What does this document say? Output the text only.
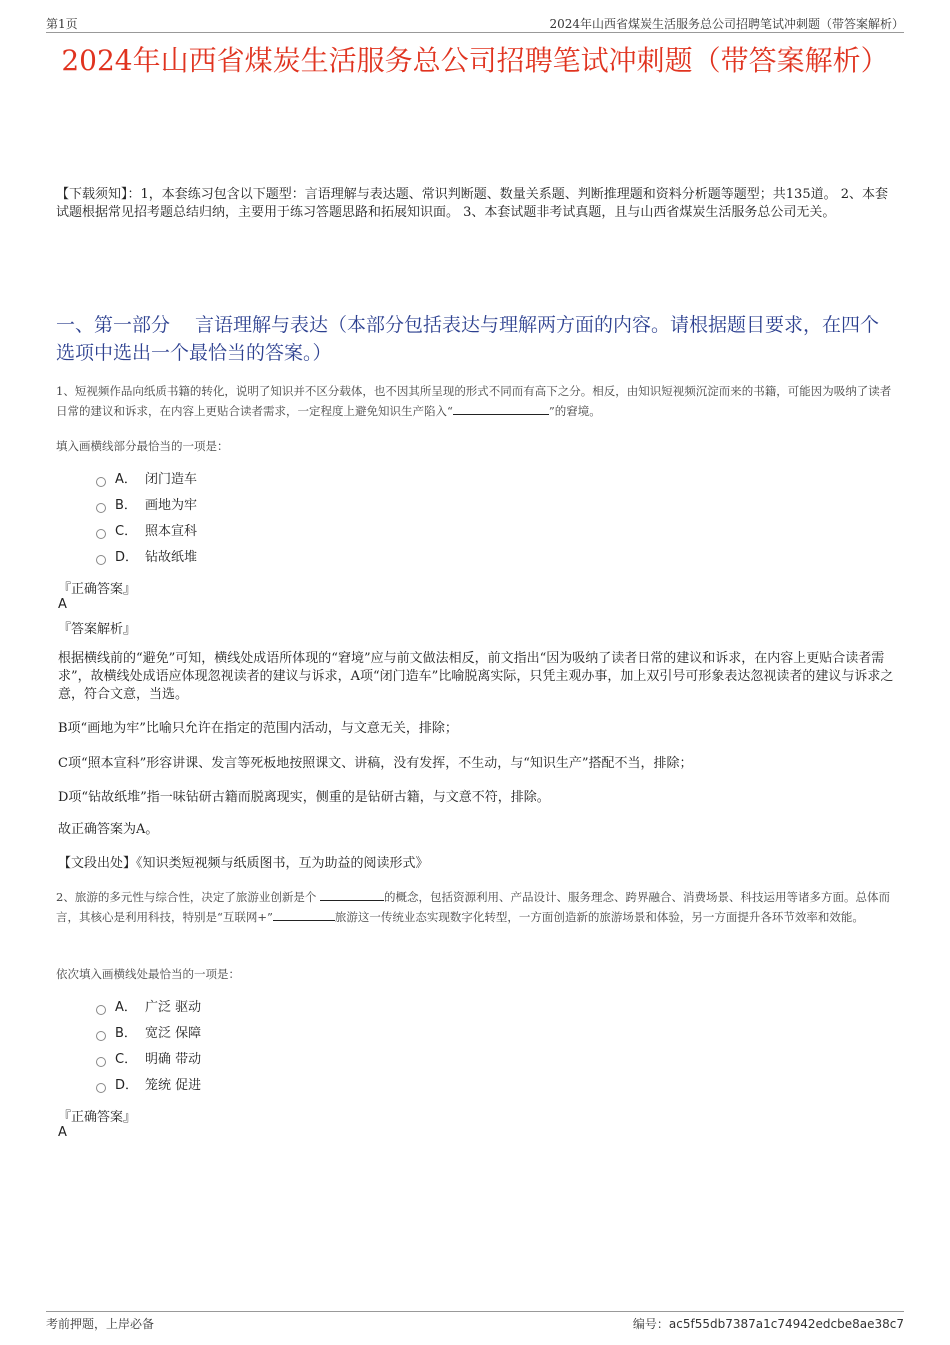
第1页	2024年山西省煤炭生活服务总公司招聘笔试冲刺题（带答案解析）
2024年山西省煤炭生活服务总公司招聘笔试冲刺题（带答案解析）
【下载须知】：1，本套练习包含以下题型：言语理解与表达题、常识判断题、数量关系题、判断推理题和资料分析题等题型；共135道。 2、本套试题根据常见招考题总结归纳，主要用于练习答题思路和拓展知识面。 3、本套试题非考试真题，且与山西省煤炭生活服务总公司无关。
一、第一部分　 言语理解与表达（本部分包括表达与理解两方面的内容。请根据题目要求，在四个选项中选出一个最恰当的答案。）
1、短视频作品向纸质书籍的转化，说明了知识并不区分载体，也不因其所呈现的形式不同而有高下之分。相反，由知识短视频沉淀而来的书籍，可能因为吸纳了读者日常的建议和诉求，在内容上更贴合读者需求，一定程度上避免知识生产陷入“	”的窘境。
填入画横线部分最恰当的一项是：
A． 闭门造车
B． 画地为牢
C． 照本宣科
D． 钻故纸堆
『正确答案』
A
『答案解析』
根据横线前的“避免”可知，横线处成语所体现的“窘境”应与前文做法相反，前文指出“因为吸纳了读者日常的建议和诉求，在内容上更贴合读者需求”，故横线处成语应体现忽视读者的建议与诉求，A项“闭门造车”比喻脱离实际，只凭主观办事，加上双引号可形象表达忽视读者的建议与诉求之意，符合文意，当选。
B项“画地为牢”比喻只允许在指定的范围内活动，与文意无关，排除；
C项“照本宣科”形容讲课、发言等死板地按照课文、讲稿，没有发挥，不生动，与“知识生产”搭配不当，排除；
D项“钻故纸堆”指一味钻研古籍而脱离现实，侧重的是钻研古籍，与文意不符，排除。
故正确答案为A。
【文段出处】《知识类短视频与纸质图书，互为助益的阅读形式》
2、旅游的多元性与综合性，决定了旅游业创新是个	的概念，包括资源利用、产品设计、服务理念、跨界融合、消费场景、科技运用等诸多方面。总体而言，其核心是利用科技，特别是“互联网+”	旅游这一传统业态实现数字化转型，一方面创造新的旅游场景和体验，另一方面提升各环节效率和效能。
依次填入画横线处最恰当的一项是：
A． 广泛 驱动
B． 宽泛 保障
C． 明确 带动
D． 笼统 促进
『正确答案』
A
考前押题，上岸必备	编号：ac5f55db7387a1c74942edcbe8ae38c7
